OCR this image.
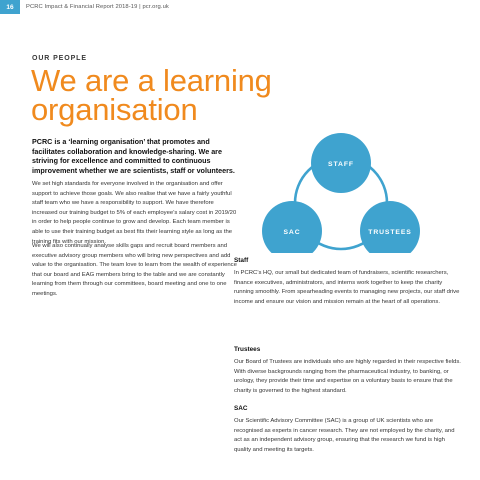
16	PCRC Impact & Financial Report 2018-19 | pcr.org.uk
OUR PEOPLE
We are a learning
organisation
PCRC is a ‘learning organisation’ that promotes and facilitates collaboration and knowledge-sharing. We are striving for excellence and committed to continuous improvement whether we are scientists, staff or volunteers.
We set high standards for everyone involved in the organisation and offer support to achieve those goals. We also realise that we have a fairly youthful staff team who we have a responsibility to support. We have therefore increased our training budget to 5% of each employee’s salary cost in 2019/20 in order to help people continue to grow and develop. Each team member is able to use their training budget as best fits their learning style as long as the training fits with our mission.
We will also continually analyse skills gaps and recruit board members and executive advisory group members who will bring new perspectives and add value to the organisation. The team love to learn from the wealth of experience that our board and EAG members bring to the table and we are constantly learning from them through our committees, board meeting and one to one meetings.
STAFF
SAC	TRUSTEES
Staff
In PCRC’s HQ, our small but dedicated team of fundraisers, scientific researchers, finance executives, administrators, and interns work together to keep the charity running smoothly. From spearheading events to managing new projects, our staff drive income and ensure our vision and mission remain at the heart of all operations.
Trustees
Our Board of Trustees are individuals who are highly regarded in their respective fields. With diverse backgrounds ranging from the pharmaceutical industry, to banking, or urology, they provide their time and expertise on a voluntary basis to ensure that the charity is governed to the highest standard.
SAC
Our Scientific Advisory Committee (SAC) is a group of UK scientists who are recognised as experts in cancer research. They are not employed by the charity, and act as an independent advisory group, ensuring that the research we fund is high quality and meeting its targets.
